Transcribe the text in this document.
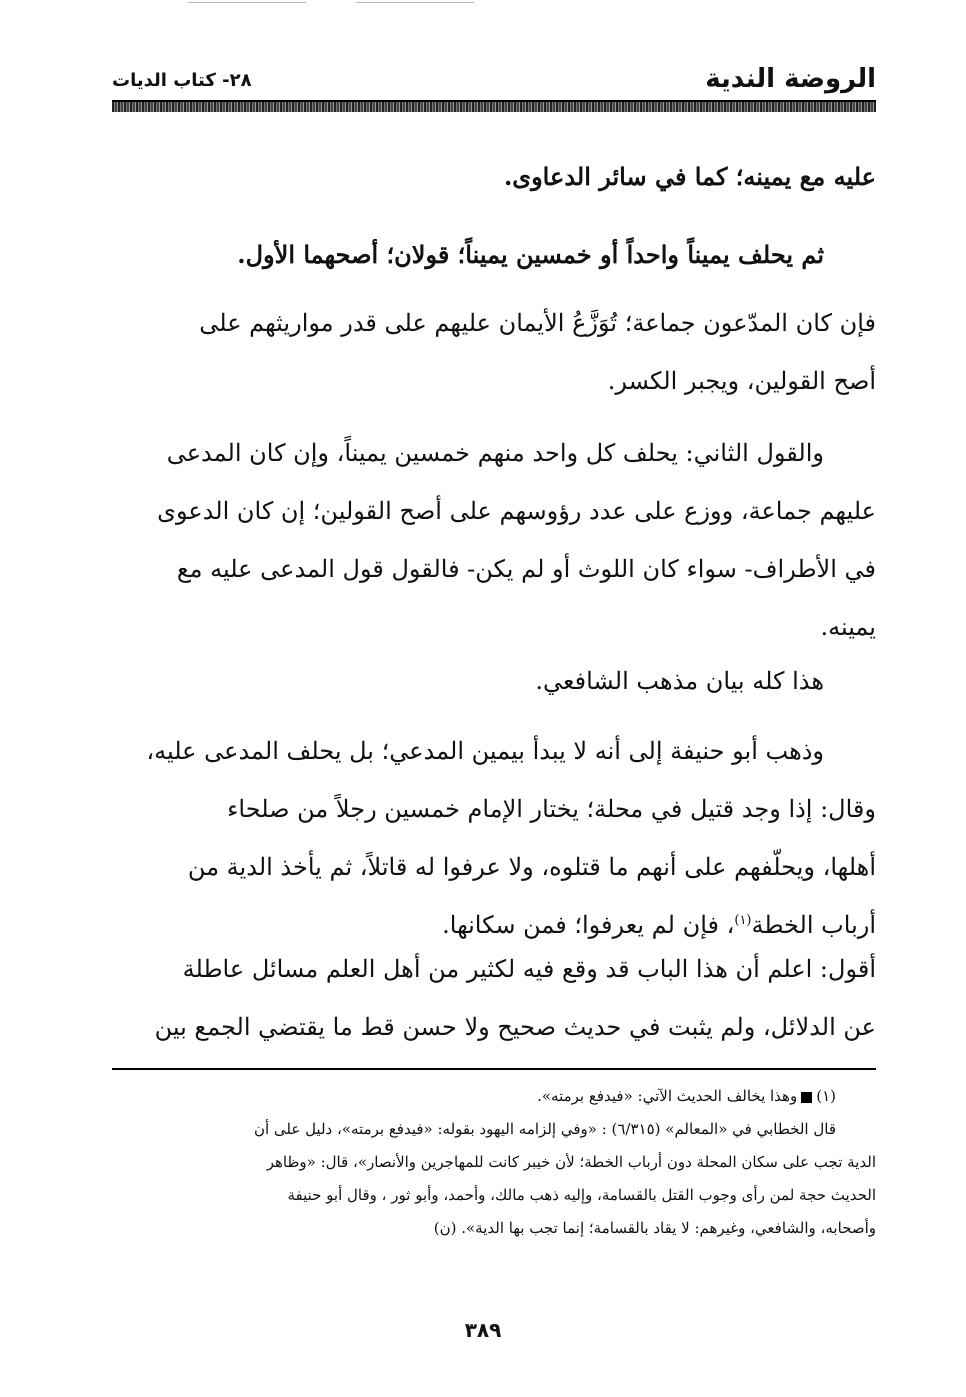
الروضة الندية
٢٨- كتاب الديات
عليه مع يمينه؛ كما في سائر الدعاوى.
ثم يحلف يميناً واحداً أو خمسين يميناً؛ قولان؛ أصحهما الأول.
فإن كان المدّعون جماعة؛ تُوَزَّعُ الأيمان عليهم على قدر مواريثهم على
أصح القولين، ويجبر الكسر.
والقول الثاني: يحلف كل واحد منهم خمسين يميناً، وإن كان المدعى
عليهم جماعة، ووزع على عدد رؤوسهم على أصح القولين؛ إن كان الدعوى
في الأطراف- سواء كان اللوث أو لم يكن- فالقول قول المدعى عليه مع
يمينه.
هذا كله بيان مذهب الشافعي.
وذهب أبو حنيفة إلى أنه لا يبدأ بيمين المدعي؛ بل يحلف المدعى عليه،
وقال: إذا وجد قتيل في محلة؛ يختار الإمام خمسين رجلاً من صلحاء
أهلها، ويحلّفهم على أنهم ما قتلوه، ولا عرفوا له قاتلاً، ثم يأخذ الدية من
أرباب الخطة$^{(١)}$، فإن لم يعرفوا؛ فمن سكانها.
أقول: اعلم أن هذا الباب قد وقع فيه لكثير من أهل العلم مسائل عاطلة
عن الدلائل، ولم يثبت في حديث صحيح ولا حسن قط ما يقتضي الجمع بين
(١)وهذا يخالف الحديث الآتي: «فيدفع برمته».
قال الخطابي في «المعالم» (٦/٣١٥) : «وفي إلزامه اليهود بقوله: «فيدفع برمته»، دليل على أن
الدية تجب على سكان المحلة دون أرباب الخطة؛ لأن خيبر كانت للمهاجرين والأنصار»، قال: «وظاهر
الحديث حجة لمن رأى وجوب القتل بالقسامة، وإليه ذهب مالك، وأحمد، وأبو ثور ، وقال أبو حنيفة
وأصحابه، والشافعي، وغيرهم: لا يقاد بالقسامة؛ إنما تجب بها الدية». (ن)
٣٨٩
